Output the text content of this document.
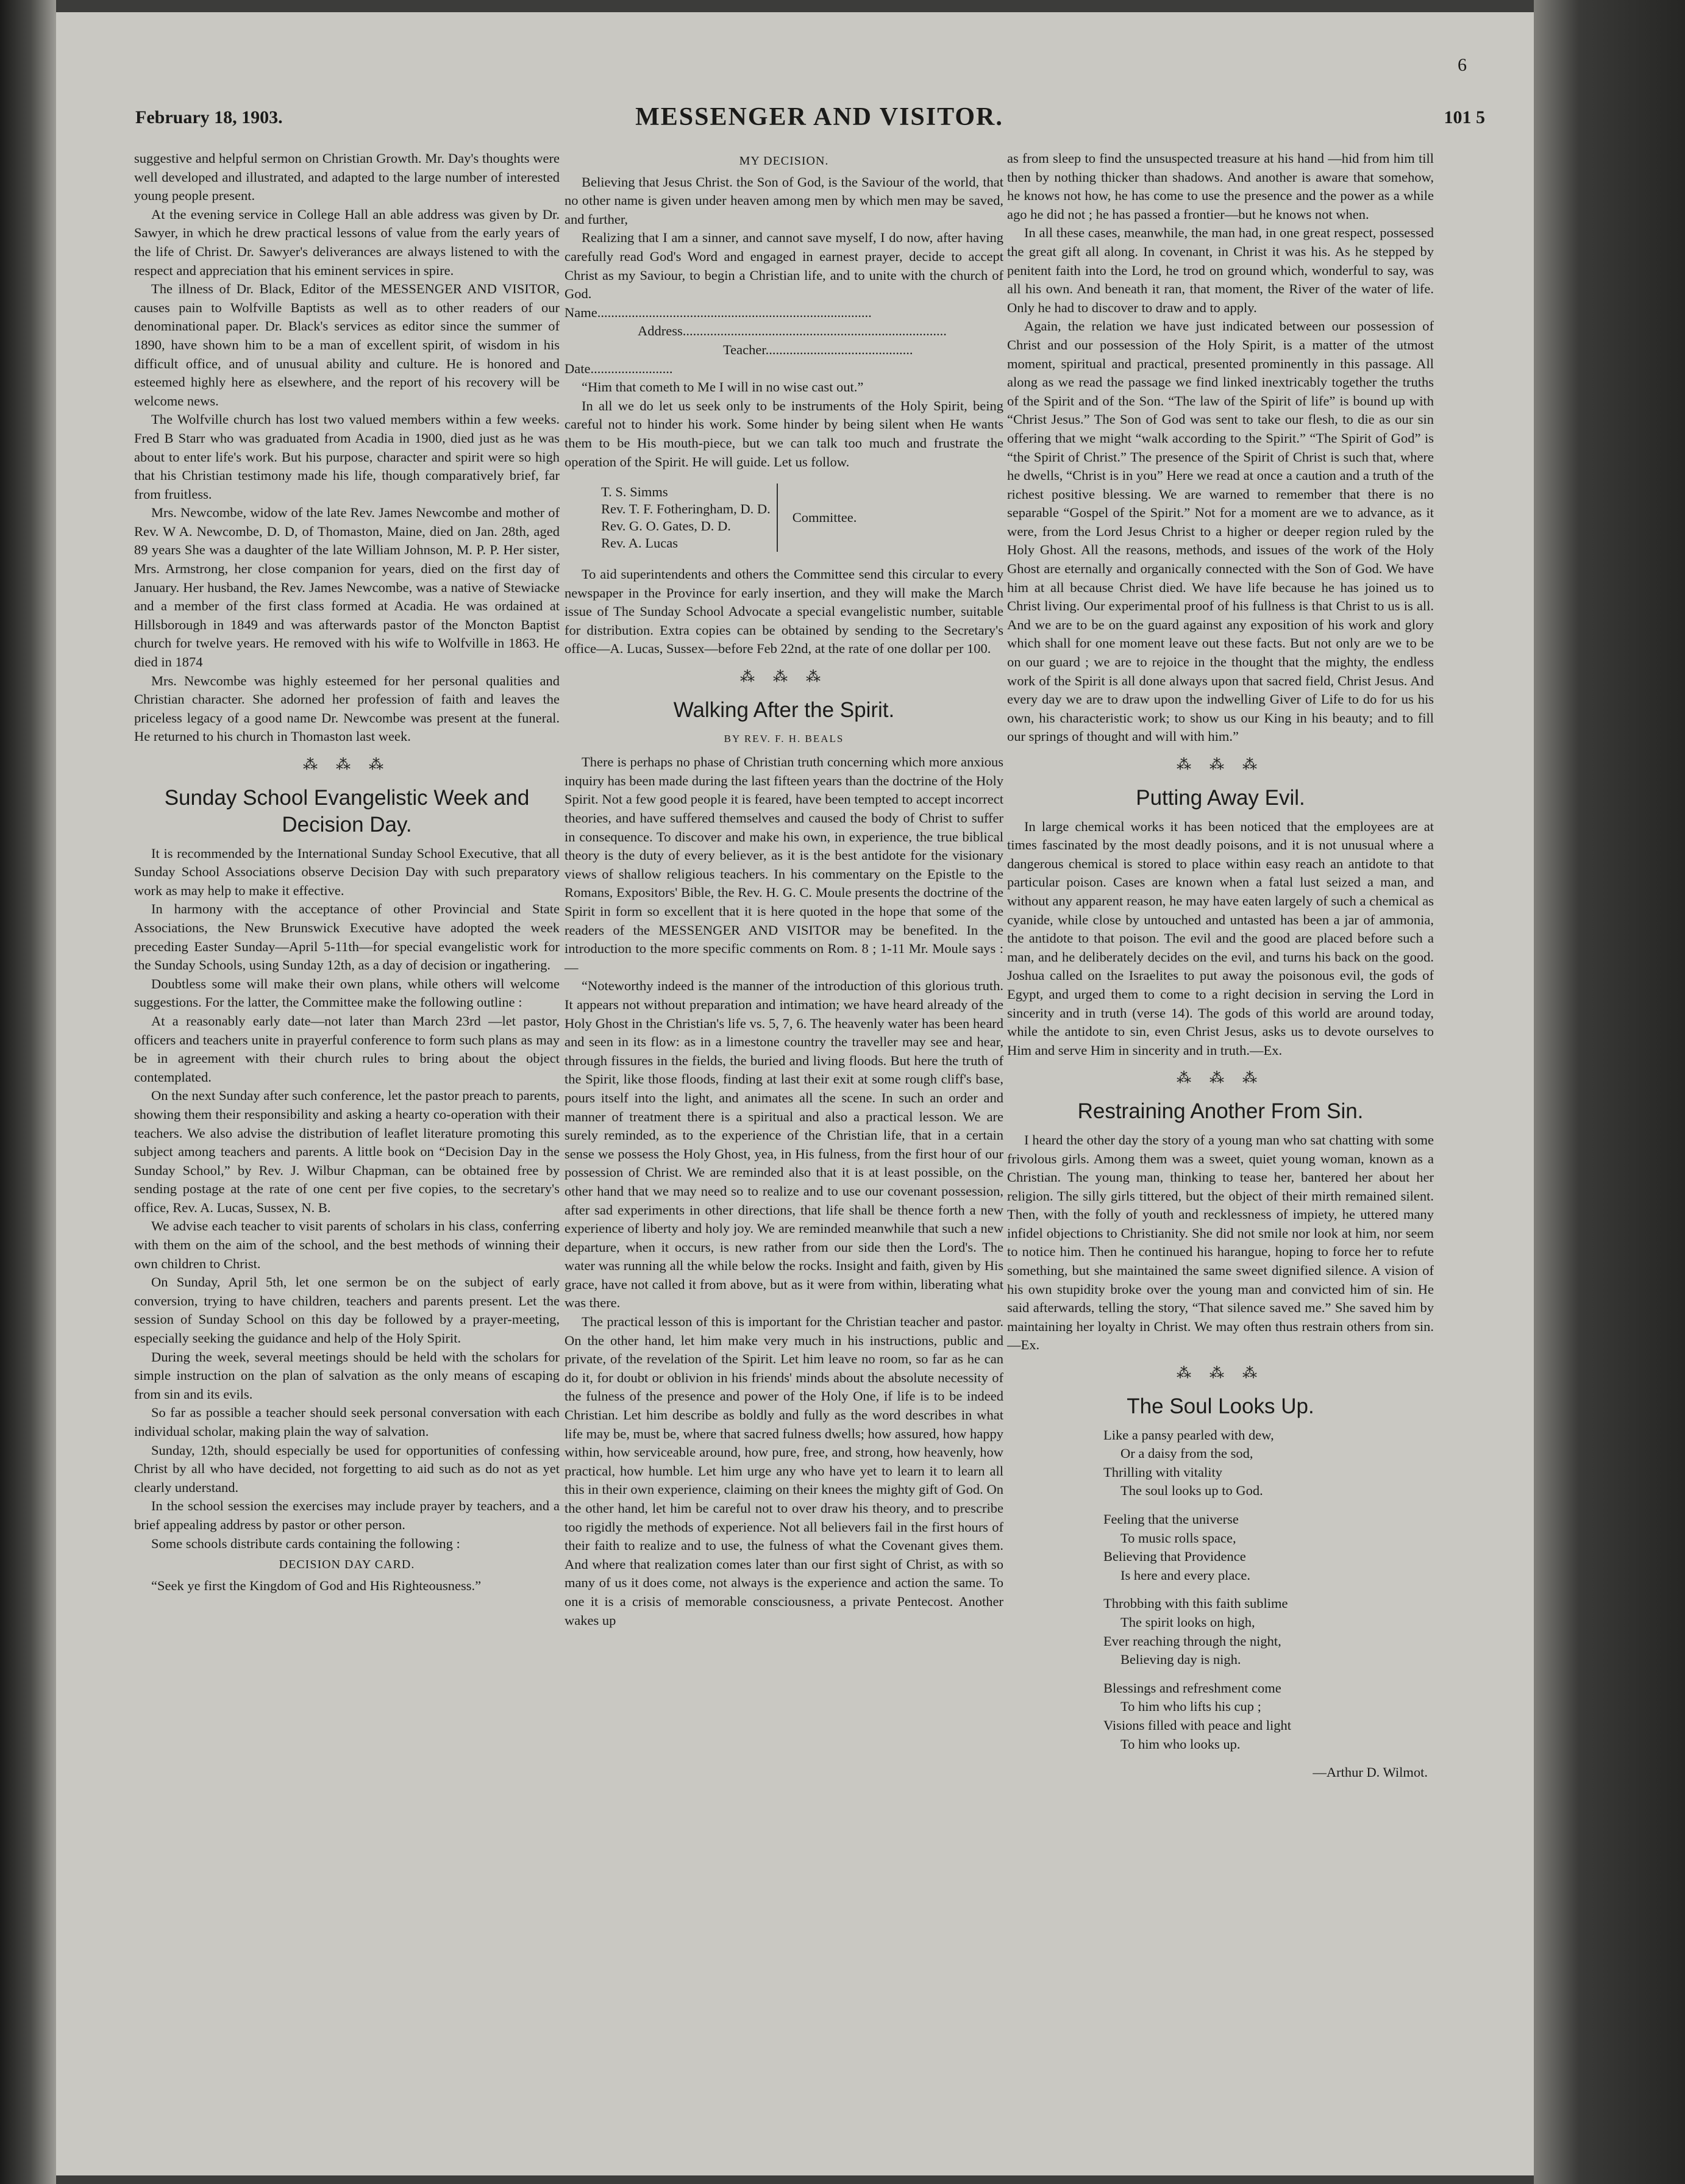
February 18, 1903.	MESSENGER AND VISITOR.	101 5
6

suggestive and helpful sermon on Christian Growth. Mr. Day's thoughts were well developed and illustrated, and adapted to the large number of interested young people present.

At the evening service in College Hall an able address was given by Dr. Sawyer, in which he drew practical lessons of value from the early years of the life of Christ. Dr. Sawyer's deliverances are always listened to with the respect and appreciation that his eminent services in spire.

The illness of Dr. Black, Editor of the MESSENGER AND VISITOR, causes pain to Wolfville Baptists as well as to other readers of our denominational paper. Dr. Black's services as editor since the summer of 1890, have shown him to be a man of excellent spirit, of wisdom in his difficult office, and of unusual ability and culture. He is honored and esteemed highly here as elsewhere, and the report of his recovery will be welcome news.

The Wolfville church has lost two valued members within a few weeks. Fred B Starr who was graduated from Acadia in 1900, died just as he was about to enter life's work. But his purpose, character and spirit were so high that his Christian testimony made his life, though comparatively brief, far from fruitless.

Mrs. Newcombe, widow of the late Rev. James Newcombe and mother of Rev. W A. Newcombe, D. D, of Thomaston, Maine, died on Jan. 28th, aged 89 years She was a daughter of the late William Johnson, M. P. P. Her sister, Mrs. Armstrong, her close companion for years, died on the first day of January. Her husband, the Rev. James Newcombe, was a native of Stewiacke and a member of the first class formed at Acadia. He was ordained at Hillsborough in 1849 and was afterwards pastor of the Moncton Baptist church for twelve years. He removed with his wife to Wolfville in 1863. He died in 1874

Mrs. Newcombe was highly esteemed for her personal qualities and Christian character. She adorned her profession of faith and leaves the priceless legacy of a good name Dr. Newcombe was present at the funeral. He returned to his church in Thomaston last week.

⁂ ⁂ ⁂
Sunday School Evangelistic Week and Decision Day.

It is recommended by the International Sunday School Executive, that all Sunday School Associations observe Decision Day with such preparatory work as may help to make it effective.

In harmony with the acceptance of other Provincial and State Associations, the New Brunswick Executive have adopted the week preceding Easter Sunday—April 5-11th—for special evangelistic work for the Sunday Schools, using Sunday 12th, as a day of decision or ingathering.

Doubtless some will make their own plans, while others will welcome suggestions. For the latter, the Committee make the following outline :

At a reasonably early date—not later than March 23rd —let pastor, officers and teachers unite in prayerful conference to form such plans as may be in agreement with their church rules to bring about the object contemplated.

On the next Sunday after such conference, let the pastor preach to parents, showing them their responsibility and asking a hearty co-operation with their teachers. We also advise the distribution of leaflet literature promoting this subject among teachers and parents. A little book on “Decision Day in the Sunday School,” by Rev. J. Wilbur Chapman, can be obtained free by sending postage at the rate of one cent per five copies, to the secretary's office, Rev. A. Lucas, Sussex, N. B.

We advise each teacher to visit parents of scholars in his class, conferring with them on the aim of the school, and the best methods of winning their own children to Christ.

On Sunday, April 5th, let one sermon be on the subject of early conversion, trying to have children, teachers and parents present. Let the session of Sunday School on this day be followed by a prayer-meeting, especially seeking the guidance and help of the Holy Spirit.

During the week, several meetings should be held with the scholars for simple instruction on the plan of salvation as the only means of escaping from sin and its evils.

So far as possible a teacher should seek personal conversation with each individual scholar, making plain the way of salvation.

Sunday, 12th, should especially be used for opportunities of confessing Christ by all who have decided, not forgetting to aid such as do not as yet clearly understand.

In the school session the exercises may include prayer by teachers, and a brief appealing address by pastor or other person.

Some schools distribute cards containing the following :

DECISION DAY CARD.

“Seek ye first the Kingdom of God and His Righteousness.”

MY DECISION.

Believing that Jesus Christ. the Son of God, is the Saviour of the world, that no other name is given under heaven among men by which men may be saved, and further,

Realizing that I am a sinner, and cannot save myself, I do now, after having carefully read God's Word and engaged in earnest prayer, decide to accept Christ as my Saviour, to begin a Christian life, and to unite with the church of God.

Name................................................................................

Address.............................................................................

Teacher...........................................

Date........................

“Him that cometh to Me I will in no wise cast out.”

In all we do let us seek only to be instruments of the Holy Spirit, being careful not to hinder his work. Some hinder by being silent when He wants them to be His mouth-piece, but we can talk too much and frustrate the operation of the Spirit. He will guide. Let us follow.

T. S. Simms
Rev. T. F. Fotheringham, D. D.
Rev. G. O. Gates, D. D.
Rev. A. Lucas
Committee.

To aid superintendents and others the Committee send this circular to every newspaper in the Province for early insertion, and they will make the March issue of The Sunday School Advocate a special evangelistic number, suitable for distribution. Extra copies can be obtained by sending to the Secretary's office—A. Lucas, Sussex—before Feb 22nd, at the rate of one dollar per 100.

⁂ ⁂ ⁂
Walking After the Spirit.
BY REV. F. H. BEALS

There is perhaps no phase of Christian truth concerning which more anxious inquiry has been made during the last fifteen years than the doctrine of the Holy Spirit. Not a few good people it is feared, have been tempted to accept incorrect theories, and have suffered themselves and caused the body of Christ to suffer in consequence. To discover and make his own, in experience, the true biblical theory is the duty of every believer, as it is the best antidote for the visionary views of shallow religious teachers. In his commentary on the Epistle to the Romans, Expositors' Bible, the Rev. H. G. C. Moule presents the doctrine of the Spirit in form so excellent that it is here quoted in the hope that some of the readers of the MESSENGER AND VISITOR may be benefited. In the introduction to the more specific comments on Rom. 8 ; 1-11 Mr. Moule says :—

“Noteworthy indeed is the manner of the introduction of this glorious truth. It appears not without preparation and intimation; we have heard already of the Holy Ghost in the Christian's life vs. 5, 7, 6. The heavenly water has been heard and seen in its flow: as in a limestone country the traveller may see and hear, through fissures in the fields, the buried and living floods. But here the truth of the Spirit, like those floods, finding at last their exit at some rough cliff's base, pours itself into the light, and animates all the scene. In such an order and manner of treatment there is a spiritual and also a practical lesson. We are surely reminded, as to the experience of the Christian life, that in a certain sense we possess the Holy Ghost, yea, in His fulness, from the first hour of our possession of Christ. We are reminded also that it is at least possible, on the other hand that we may need so to realize and to use our covenant possession, after sad experiments in other directions, that life shall be thence forth a new experience of liberty and holy joy. We are reminded meanwhile that such a new departure, when it occurs, is new rather from our side then the Lord's. The water was running all the while below the rocks. Insight and faith, given by His grace, have not called it from above, but as it were from within, liberating what was there.

The practical lesson of this is important for the Christian teacher and pastor. On the other hand, let him make very much in his instructions, public and private, of the revelation of the Spirit. Let him leave no room, so far as he can do it, for doubt or oblivion in his friends' minds about the absolute necessity of the fulness of the presence and power of the Holy One, if life is to be indeed Christian. Let him describe as boldly and fully as the word describes in what life may be, must be, where that sacred fulness dwells; how assured, how happy within, how serviceable around, how pure, free, and strong, how heavenly, how practical, how humble. Let him urge any who have yet to learn it to learn all this in their own experience, claiming on their knees the mighty gift of God. On the other hand, let him be careful not to over draw his theory, and to prescribe too rigidly the methods of experience. Not all believers fail in the first hours of their faith to realize and to use, the fulness of what the Covenant gives them. And where that realization comes later than our first sight of Christ, as with so many of us it does come, not always is the experience and action the same. To one it is a crisis of memorable consciousness, a private Pentecost. Another wakes up

as from sleep to find the unsuspected treasure at his hand —hid from him till then by nothing thicker than shadows. And another is aware that somehow, he knows not how, he has come to use the presence and the power as a while ago he did not ; he has passed a frontier—but he knows not when.

In all these cases, meanwhile, the man had, in one great respect, possessed the great gift all along. In covenant, in Christ it was his. As he stepped by penitent faith into the Lord, he trod on ground which, wonderful to say, was all his own. And beneath it ran, that moment, the River of the water of life. Only he had to discover to draw and to apply.

Again, the relation we have just indicated between our possession of Christ and our possession of the Holy Spirit, is a matter of the utmost moment, spiritual and practical, presented prominently in this passage. All along as we read the passage we find linked inextricably together the truths of the Spirit and of the Son. “The law of the Spirit of life” is bound up with “Christ Jesus.” The Son of God was sent to take our flesh, to die as our sin offering that we might “walk according to the Spirit.” “The Spirit of God” is “the Spirit of Christ.” The presence of the Spirit of Christ is such that, where he dwells, “Christ is in you” Here we read at once a caution and a truth of the richest positive blessing. We are warned to remember that there is no separable “Gospel of the Spirit.” Not for a moment are we to advance, as it were, from the Lord Jesus Christ to a higher or deeper region ruled by the Holy Ghost. All the reasons, methods, and issues of the work of the Holy Ghost are eternally and organically connected with the Son of God. We have him at all because Christ died. We have life because he has joined us to Christ living. Our experimental proof of his fullness is that Christ to us is all. And we are to be on the guard against any exposition of his work and glory which shall for one moment leave out these facts. But not only are we to be on our guard ; we are to rejoice in the thought that the mighty, the endless work of the Spirit is all done always upon that sacred field, Christ Jesus. And every day we are to draw upon the indwelling Giver of Life to do for us his own, his characteristic work; to show us our King in his beauty; and to fill our springs of thought and will with him.”

⁂ ⁂ ⁂
Putting Away Evil.

In large chemical works it has been noticed that the employees are at times fascinated by the most deadly poisons, and it is not unusual where a dangerous chemical is stored to place within easy reach an antidote to that particular poison. Cases are known when a fatal lust seized a man, and without any apparent reason, he may have eaten largely of such a chemical as cyanide, while close by untouched and untasted has been a jar of ammonia, the antidote to that poison. The evil and the good are placed before such a man, and he deliberately decides on the evil, and turns his back on the good. Joshua called on the Israelites to put away the poisonous evil, the gods of Egypt, and urged them to come to a right decision in serving the Lord in sincerity and in truth (verse 14). The gods of this world are around today, while the antidote to sin, even Christ Jesus, asks us to devote ourselves to Him and serve Him in sincerity and in truth.—Ex.

⁂ ⁂ ⁂
Restraining Another From Sin.

I heard the other day the story of a young man who sat chatting with some frivolous girls. Among them was a sweet, quiet young woman, known as a Christian. The young man, thinking to tease her, bantered her about her religion. The silly girls tittered, but the object of their mirth remained silent. Then, with the folly of youth and recklessness of impiety, he uttered many infidel objections to Christianity. She did not smile nor look at him, nor seem to notice him. Then he continued his harangue, hoping to force her to refute something, but she maintained the same sweet dignified silence. A vision of his own stupidity broke over the young man and convicted him of sin. He said afterwards, telling the story, “That silence saved me.” She saved him by maintaining her loyalty in Christ. We may often thus restrain others from sin.—Ex.

⁂ ⁂ ⁂
The Soul Looks Up.

Like a pansy pearled with dew,

Or a daisy from the sod,

Thrilling with vitality

The soul looks up to God.

Feeling that the universe

To music rolls space,

Believing that Providence

Is here and every place.

Throbbing with this faith sublime

The spirit looks on high,

Ever reaching through the night,

Believing day is nigh.

Blessings and refreshment come

To him who lifts his cup ;

Visions filled with peace and light

To him who looks up.

—Arthur D. Wilmot.
